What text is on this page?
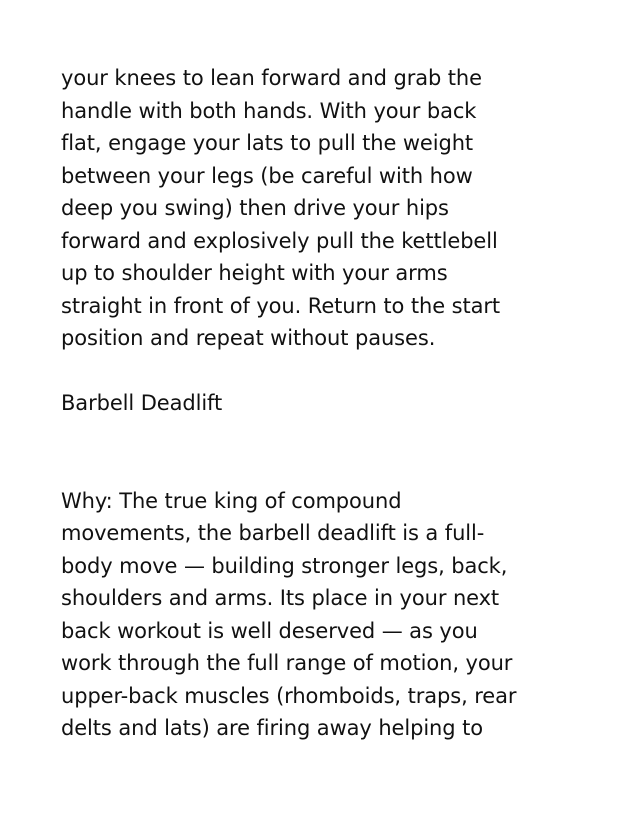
your knees to lean forward and grab the
handle with both hands. With your back
flat, engage your lats to pull the weight
between your legs (be careful with how
deep you swing) then drive your hips
forward and explosively pull the kettlebell
up to shoulder height with your arms
straight in front of you. Return to the start
position and repeat without pauses.
Barbell Deadlift
Why: The true king of compound
movements, the barbell deadlift is a full-
body move — building stronger legs, back,
shoulders and arms. Its place in your next
back workout is well deserved — as you
work through the full range of motion, your
upper-back muscles (rhomboids, traps, rear
delts and lats) are firing away helping to
